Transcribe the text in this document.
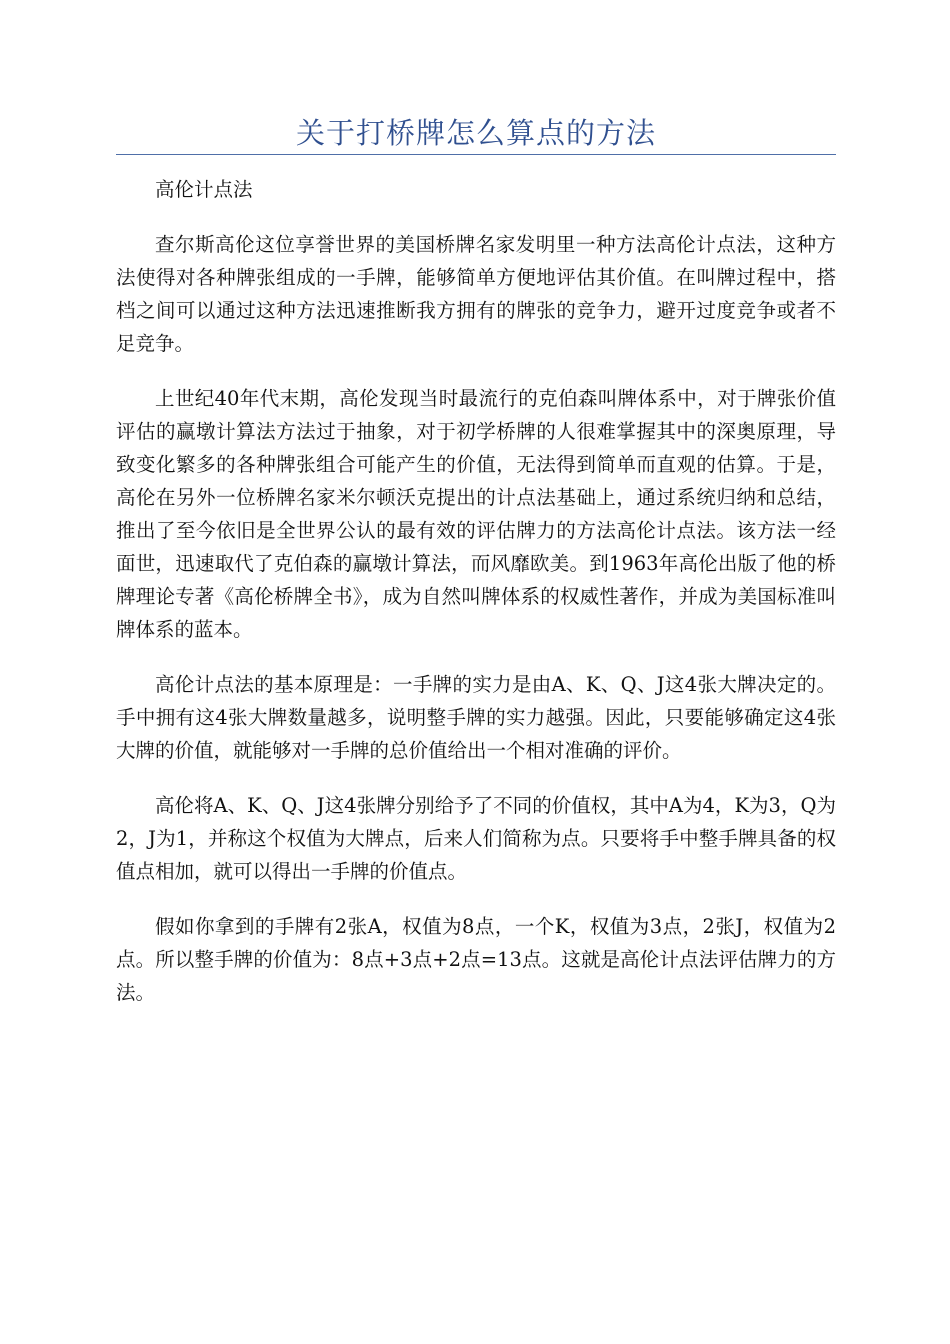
关于打桥牌怎么算点的方法

高伦计点法

查尔斯高伦这位享誉世界的美国桥牌名家发明里一种方法高伦计点法，这种方法使得对各种牌张组成的一手牌，能够简单方便地评估其价值。在叫牌过程中，搭档之间可以通过这种方法迅速推断我方拥有的牌张的竞争力，避开过度竞争或者不足竞争。

上世纪40年代末期，高伦发现当时最流行的克伯森叫牌体系中，对于牌张价值评估的赢墩计算法方法过于抽象，对于初学桥牌的人很难掌握其中的深奥原理，导致变化繁多的各种牌张组合可能产生的价值，无法得到简单而直观的估算。于是，高伦在另外一位桥牌名家米尔顿沃克提出的计点法基础上，通过系统归纳和总结，推出了至今依旧是全世界公认的最有效的评估牌力的方法高伦计点法。该方法一经面世，迅速取代了克伯森的赢墩计算法，而风靡欧美。到1963年高伦出版了他的桥牌理论专著《高伦桥牌全书》，成为自然叫牌体系的权威性著作，并成为美国标准叫牌体系的蓝本。

高伦计点法的基本原理是：一手牌的实力是由A、K、Q、J这4张大牌决定的。手中拥有这4张大牌数量越多，说明整手牌的实力越强。因此，只要能够确定这4张大牌的价值，就能够对一手牌的总价值给出一个相对准确的评价。

高伦将A、K、Q、J这4张牌分别给予了不同的价值权，其中A为4，K为3，Q为2，J为1，并称这个权值为大牌点，后来人们简称为点。只要将手中整手牌具备的权值点相加，就可以得出一手牌的价值点。

假如你拿到的手牌有2张A，权值为8点，一个K，权值为3点，2张J，权值为2点。所以整手牌的价值为：8点+3点+2点=13点。这就是高伦计点法评估牌力的方法。
